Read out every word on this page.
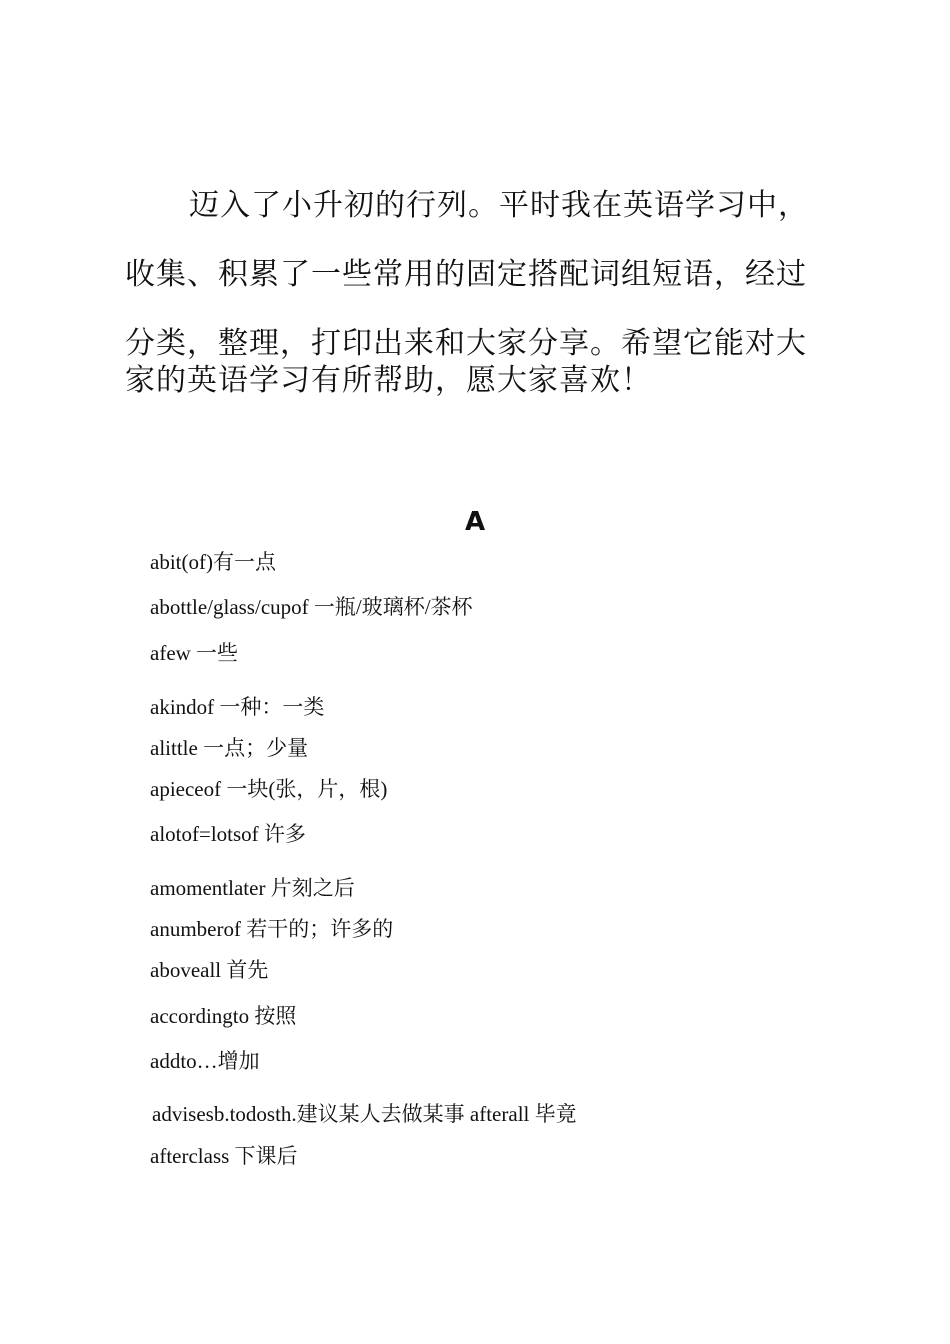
迈入了小升初的行列。平时我在英语学习中，

收集、积累了一些常用的固定搭配词组短语，经过

分类，整理，打印出来和大家分享。希望它能对大

家的英语学习有所帮助，愿大家喜欢！

A

abit(of)有一点

abottle/glass/cupof 一瓶/玻璃杯/茶杯

afew 一些

akindof 一种：一类

alittle 一点；少量

apieceof 一块(张，片，根)

alotof=lotsof 许多

amomentlater 片刻之后

anumberof 若干的；许多的

aboveall 首先

accordingto 按照

addto…增加

advisesb.todosth.建议某人去做某事 afterall 毕竟

afterclass 下课后
